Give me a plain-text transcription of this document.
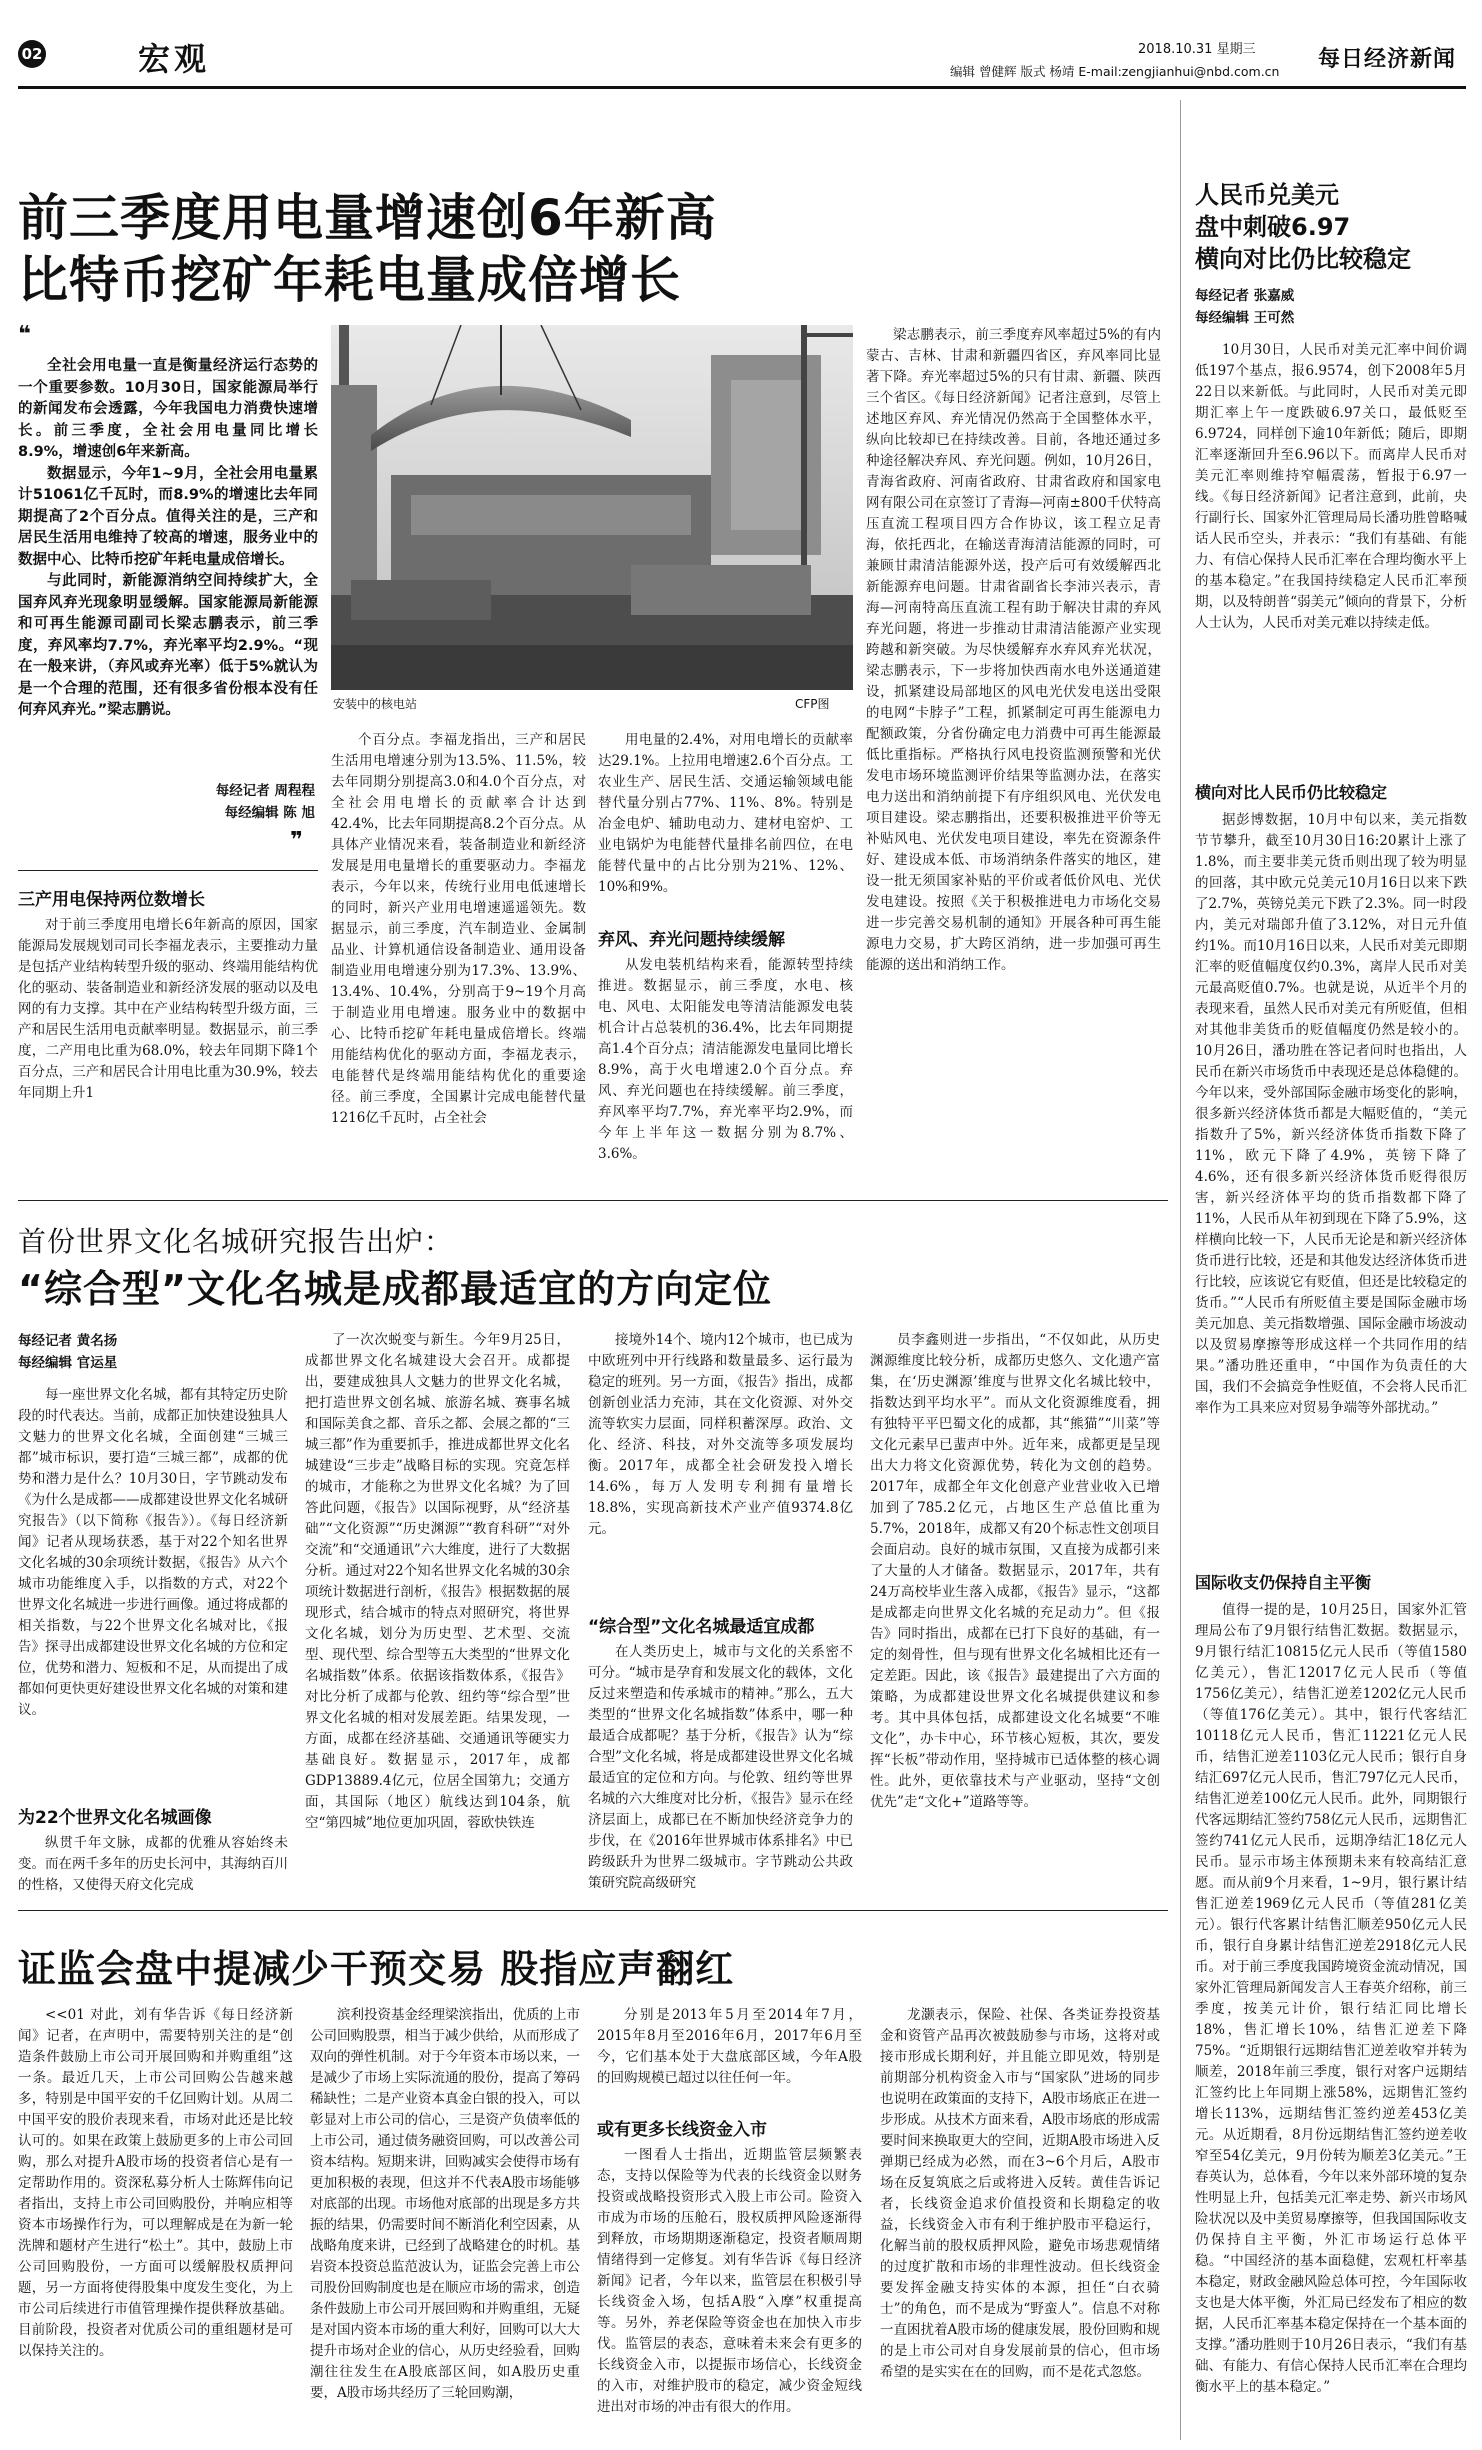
02	宏观	2018.10.31 星期三
编辑 曾健辉 版式 杨靖 E-mail:zengjianhui@nbd.com.cn 每日经济新闻
前三季度用电量增速创6年新高
比特币挖矿年耗电量成倍增长
❝

全社会用电量一直是衡量经济运行态势的一个重要参数。10月30日，国家能源局举行的新闻发布会透露，今年我国电力消费快速增长。前三季度，全社会用电量同比增长8.9%，增速创6年来新高。

数据显示，今年1~9月，全社会用电量累计51061亿千瓦时，而8.9%的增速比去年同期提高了2个百分点。值得关注的是，三产和居民生活用电维持了较高的增速，服务业中的数据中心、比特币挖矿年耗电量成倍增长。

与此同时，新能源消纳空间持续扩大，全国弃风弃光现象明显缓解。国家能源局新能源和可再生能源司副司长梁志鹏表示，前三季度，弃风率均7.7%，弃光率平均2.9%。“现在一般来讲，（弃风或弃光率）低于5%就认为是一个合理的范围，还有很多省份根本没有任何弃风弃光。”梁志鹏说。

每经记者 周程程
每经编辑 陈 旭
❞
安装中的核电站	CFP图
三产用电保持两位数增长

对于前三季度用电增长6年新高的原因，国家能源局发展规划司司长李福龙表示，主要推动力量是包括产业结构转型升级的驱动、终端用能结构优化的驱动、装备制造业和新经济发展的驱动以及电网的有力支撑。其中在产业结构转型升级方面，三产和居民生活用电贡献率明显。数据显示，前三季度，二产用电比重为68.0%，较去年同期下降1个百分点，三产和居民合计用电比重为30.9%，较去年同期上升1

个百分点。李福龙指出，三产和居民生活用电增速分别为13.5%、11.5%，较去年同期分别提高3.0和4.0个百分点，对全社会用电增长的贡献率合计达到42.4%，比去年同期提高8.2个百分点。从具体产业情况来看，装备制造业和新经济发展是用电量增长的重要驱动力。李福龙表示，今年以来，传统行业用电低速增长的同时，新兴产业用电增速遥遥领先。数据显示，前三季度，汽车制造业、金属制品业、计算机通信设备制造业、通用设备制造业用电增速分别为17.3%、13.9%、13.4%、10.4%，分别高于9~19个月高于制造业用电增速。服务业中的数据中心、比特币挖矿年耗电量成倍增长。终端用能结构优化的驱动方面，李福龙表示，电能替代是终端用能结构优化的重要途径。前三季度，全国累计完成电能替代量1216亿千瓦时，占全社会

用电量的2.4%，对用电增长的贡献率达29.1%。上拉用电增速2.6个百分点。工农业生产、居民生活、交通运输领域电能替代量分别占77%、11%、8%。特别是冶金电炉、辅助电动力、建材电窑炉、工业电锅炉为电能替代量排名前四位，在电能替代量中的占比分别为21%、12%、10%和9%。

弃风、弃光问题持续缓解

从发电装机结构来看，能源转型持续推进。数据显示，前三季度，水电、核电、风电、太阳能发电等清洁能源发电装机合计占总装机的36.4%，比去年同期提高1.4个百分点；清洁能源发电量同比增长8.9%，高于火电增速2.0个百分点。弃风、弃光问题也在持续缓解。前三季度，弃风率平均7.7%，弃光率平均2.9%，而今年上半年这一数据分别为8.7%、3.6%。

梁志鹏表示，前三季度弃风率超过5%的有内蒙古、吉林、甘肃和新疆四省区，弃风率同比显著下降。弃光率超过5%的只有甘肃、新疆、陕西三个省区。《每日经济新闻》记者注意到，尽管上述地区弃风、弃光情况仍然高于全国整体水平，纵向比较却已在持续改善。目前，各地还通过多种途径解决弃风、弃光问题。例如，10月26日，青海省政府、河南省政府、甘肃省政府和国家电网有限公司在京签订了青海—河南±800千伏特高压直流工程项目四方合作协议，该工程立足青海，依托西北，在输送青海清洁能源的同时，可兼顾甘肃清洁能源外送，投产后可有效缓解西北新能源弃电问题。甘肃省副省长李沛兴表示，青海—河南特高压直流工程有助于解决甘肃的弃风弃光问题，将进一步推动甘肃清洁能源产业实现跨越和新突破。为尽快缓解弃水弃风弃光状况，梁志鹏表示，下一步将加快西南水电外送通道建设，抓紧建设局部地区的风电光伏发电送出受限的电网“卡脖子”工程，抓紧制定可再生能源电力配额政策，分省份确定电力消费中可再生能源最低比重指标。严格执行风电投资监测预警和光伏发电市场环境监测评价结果等监测办法，在落实电力送出和消纳前提下有序组织风电、光伏发电项目建设。梁志鹏指出，还要积极推进平价等无补贴风电、光伏发电项目建设，率先在资源条件好、建设成本低、市场消纳条件落实的地区，建设一批无须国家补贴的平价或者低价风电、光伏发电建设。按照《关于积极推进电力市场化交易 进一步完善交易机制的通知》开展各种可再生能源电力交易，扩大跨区消纳，进一步加强可再生能源的送出和消纳工作。

首份世界文化名城研究报告出炉：
“综合型”文化名城是成都最适宜的方向定位
每经记者 黄名扬
每经编辑 官运星

每一座世界文化名城，都有其特定历史阶段的时代表达。当前，成都正加快建设独具人文魅力的世界文化名城，全面创建“三城三都”城市标识，要打造“三城三都”，成都的优势和潜力是什么？10月30日，字节跳动发布《为什么是成都——成都建设世界文化名城研究报告》（以下简称《报告》）。《每日经济新闻》记者从现场获悉，基于对22个知名世界文化名城的30余项统计数据，《报告》从六个城市功能维度入手，以指数的方式，对22个世界文化名城进一步进行画像。通过将成都的相关指数，与22个世界文化名城对比，《报告》探寻出成都建设世界文化名城的方位和定位，优势和潜力、短板和不足，从而提出了成都如何更快更好建设世界文化名城的对策和建议。

为22个世界文化名城画像

纵贯千年文脉，成都的优雅从容始终未变。而在两千多年的历史长河中，其海纳百川的性格，又使得天府文化完成

了一次次蜕变与新生。今年9月25日，成都世界文化名城建设大会召开。成都提出，要建成独具人文魅力的世界文化名城，把打造世界文创名城、旅游名城、赛事名城和国际美食之都、音乐之都、会展之都的“三城三都”作为重要抓手，推进成都世界文化名城建设“三步走”战略目标的实现。究竟怎样的城市，才能称之为世界文化名城？为了回答此问题，《报告》以国际视野，从“经济基础”“文化资源”“历史渊源”“教育科研”“对外交流”和“交通通讯”六大维度，进行了大数据分析。通过对22个知名世界文化名城的30余项统计数据进行剖析，《报告》根据数据的展现形式，结合城市的特点对照研究，将世界文化名城，划分为历史型、艺术型、交流型、现代型、综合型等五大类型的“世界文化名城指数”体系。依据该指数体系，《报告》对比分析了成都与伦敦、纽约等“综合型”世界文化名城的相对发展差距。结果发现，一方面，成都在经济基础、交通通讯等硬实力基础良好。数据显示，2017年，成都GDP13889.4亿元，位居全国第九；交通方面，其国际（地区）航线达到104条，航空“第四城”地位更加巩固，蓉欧快铁连

接境外14个、境内12个城市，也已成为中欧班列中开行线路和数量最多、运行最为稳定的班列。另一方面，《报告》指出，成都创新创业活力充沛，其在文化资源、对外交流等软实力层面，同样积蓄深厚。政治、文化、经济、科技，对外交流等多项发展均衡。2017年，成都全社会研发投入增长14.6%，每万人发明专利拥有量增长18.8%，实现高新技术产业产值9374.8亿元。

“综合型”文化名城最适宜成都

在人类历史上，城市与文化的关系密不可分。“城市是孕育和发展文化的载体，文化反过来塑造和传承城市的精神。”那么，五大类型的“世界文化名城指数”体系中，哪一种最适合成都呢？基于分析，《报告》认为“综合型”文化名城，将是成都建设世界文化名城最适宜的定位和方向。与伦敦、纽约等世界名城的六大维度对比分析，《报告》显示在经济层面上，成都已在不断加快经济竞争力的步伐，在《2016年世界城市体系排名》中已跨级跃升为世界二级城市。字节跳动公共政策研究院高级研究

员李鑫则进一步指出，“不仅如此，从历史渊源维度比较分析，成都历史悠久、文化遗产富集，在‘历史渊源’维度与世界文化名城比较中，指数达到平均水平”。而从文化资源维度看，拥有独特平平巴蜀文化的成都，其“熊猫”“川菜”等文化元素早已蜚声中外。近年来，成都更是呈现出大力将文化资源优势，转化为文创的趋势。2017年，成都全年文化创意产业营业收入已增加到了785.2亿元，占地区生产总值比重为5.7%，2018年，成都又有20个标志性文创项目会面启动。良好的城市氛围，又直接为成都引来了大量的人才储备。数据显示，2017年，共有24万高校毕业生落入成都，《报告》显示，“这都是成都走向世界文化名城的充足动力”。但《报告》同时指出，成都在已打下良好的基础，有一定的刻骨性，但与现有世界文化名城相比还有一定差距。因此，该《报告》最建提出了六方面的策略，为成都建设世界文化名城提供建议和参考。其中具体包括，成都建设文化名城要“不唯文化”，办卡中心，环节核心短板，其次，要发挥“长板”带动作用，坚持城市已适体整的核心调性。此外，更依靠技术与产业驱动，坚持“文创优先”走“文化+”道路等等。

证监会盘中提减少干预交易 股指应声翻红

<<01 对此，刘有华告诉《每日经济新闻》记者，在声明中，需要特别关注的是“创造条件鼓励上市公司开展回购和并购重组”这一条。最近几天，上市公司回购公告越来越多，特别是中国平安的千亿回购计划。从周二中国平安的股价表现来看，市场对此还是比较认可的。如果在政策上鼓励更多的上市公司回购，那么对提升A股市场的投资者信心是有一定帮助作用的。资深私募分析人士陈辉伟向记者指出，支持上市公司回购股份，并响应相等资本市场操作行为，可以理解成是在为新一轮洗牌和题材产生进行“松土”。其中，鼓励上市公司回购股份，一方面可以缓解股权质押问题，另一方面将使得股集中度发生变化，为上市公司后续进行市值管理操作提供释放基础。目前阶段，投资者对优质公司的重组题材是可以保持关注的。

滨利投资基金经理梁滨指出，优质的上市公司回购股票，相当于减少供给，从而形成了双向的弹性机制。对于今年资本市场以来，一是减少了市场上实际流通的股份，提高了筹码稀缺性；二是产业资本真金白银的投入，可以彰显对上市公司的信心，三是资产负债率低的上市公司，通过债务融资回购，可以改善公司资本结构。短期来讲，回购减实会使得市场有更加积极的表现，但这并不代表A股市场能够对底部的出现。市场他对底部的出现是多方共振的结果，仍需要时间不断消化利空因素，从战略角度来讲，已经到了战略建仓的时机。基岩资本投资总监范波认为，证监会完善上市公司股份回购制度也是在顺应市场的需求，创造条件鼓励上市公司开展回购和并购重组，无疑是对国内资本市场的重大利好，回购可以大大提升市场对企业的信心，从历史经验看，回购潮往往发生在A股底部区间，如A股历史重要，A股市场共经历了三轮回购潮，

分别是2013年5月至2014年7月，2015年8月至2016年6月，2017年6月至今，它们基本处于大盘底部区域，今年A股的回购规模已超过以往任何一年。

或有更多长线资金入市

一图看人士指出，近期监管层频繁表态，支持以保险等为代表的长线资金以财务投资或战略投资形式入股上市公司。险资入市成为市场的压舱石，股权质押风险逐渐得到释放，市场期期逐渐稳定，投资者顺周期情绪得到一定修复。刘有华告诉《每日经济新闻》记者，今年以来，监管层在积极引导长线资金入场，包括A股“入摩”权重提高等。另外，养老保险等资金也在加快入市步伐。监管层的表态，意味着未来会有更多的长线资金入市，以提振市场信心，长线资金的入市，对维护股市的稳定，减少资金短线进出对市场的冲击有很大的作用。

龙灏表示，保险、社保、各类证券投资基金和资管产品再次被鼓励参与市场，这将对或接市形成长期利好，并且能立即见效，特别是前期部分机构资金入市与“国家队”进场的同步也说明在政策面的支持下，A股市场底正在进一步形成。从技术方面来看，A股市场底的形成需要时间来换取更大的空间，近期A股市场进入反弹期已经成为必然，而在3~6个月后，A股市场在反复筑底之后或将进入反转。黄佳告诉记者，长线资金追求价值投资和长期稳定的收益，长线资金入市有利于维护股市平稳运行，化解当前的股权质押风险，避免市场悲观情绪的过度扩散和市场的非理性波动。但长线资金要发挥金融支持实体的本源，担任“白衣骑士”的角色，而不是成为“野蛮人”。信息不对称一直困扰着A股市场的健康发展，股份回购和规的是上市公司对自身发展前景的信心，但市场希望的是实实在在的回购，而不是花式忽悠。

人民币兑美元
盘中刺破6.97
横向对比仍比较稳定
每经记者 张嘉威
每经编辑 王可然

10月30日，人民币对美元汇率中间价调低197个基点，报6.9574，创下2008年5月22日以来新低。与此同时，人民币对美元即期汇率上午一度跌破6.97关口，最低贬至6.9724，同样创下逾10年新低；随后，即期汇率逐渐回升至6.96以下。而离岸人民币对美元汇率则维持窄幅震荡，暂报于6.97一线。《每日经济新闻》记者注意到，此前，央行副行长、国家外汇管理局局长潘功胜曾略喊话人民币空头，并表示：“我们有基础、有能力、有信心保持人民币汇率在合理均衡水平上的基本稳定。”在我国持续稳定人民币汇率预期，以及特朗普“弱美元”倾向的背景下，分析人士认为，人民币对美元难以持续走低。

横向对比人民币仍比较稳定

据彭博数据，10月中旬以来，美元指数节节攀升，截至10月30日16:20累计上涨了1.8%，而主要非美元货币则出现了较为明显的回落，其中欧元兑美元10月16日以来下跌了2.7%，英镑兑美元下跌了2.3%。同一时段内，美元对瑞郎升值了3.12%，对日元升值约1%。而10月16日以来，人民币对美元即期汇率的贬值幅度仅约0.3%，离岸人民币对美元最高贬值0.7%。也就是说，从近半个月的表现来看，虽然人民币对美元有所贬值，但相对其他非美货币的贬值幅度仍然是较小的。10月26日，潘功胜在答记者问时也指出，人民币在新兴市场货币中表现还是总体稳健的。今年以来，受外部国际金融市场变化的影响，很多新兴经济体货币都是大幅贬值的，“美元指数升了5%，新兴经济体货币指数下降了11%，欧元下降了4.9%，英镑下降了4.6%，还有很多新兴经济体货币贬得很厉害，新兴经济体平均的货币指数都下降了11%，人民币从年初到现在下降了5.9%，这样横向比较一下，人民币无论是和新兴经济体货币进行比较，还是和其他发达经济体货币进行比较，应该说它有贬值，但还是比较稳定的货币。”“人民币有所贬值主要是国际金融市场美元加息、美元指数增强、国际金融市场波动以及贸易摩擦等形成这样一个共同作用的结果。”潘功胜还重申，“中国作为负责任的大国，我们不会搞竞争性贬值，不会将人民币汇率作为工具来应对贸易争端等外部扰动。”

国际收支仍保持自主平衡

值得一提的是，10月25日，国家外汇管理局公布了9月银行结售汇数据。数据显示，9月银行结汇10815亿元人民币（等值1580亿美元），售汇12017亿元人民币（等值1756亿美元），结售汇逆差1202亿元人民币（等值176亿美元）。其中，银行代客结汇10118亿元人民币，售汇11221亿元人民币，结售汇逆差1103亿元人民币；银行自身结汇697亿元人民币，售汇797亿元人民币，结售汇逆差100亿元人民币。此外，同期银行代客远期结汇签约758亿元人民币，远期售汇签约741亿元人民币，远期净结汇18亿元人民币。显示市场主体预期未来有较高结汇意愿。而从前9个月来看，1~9月，银行累计结售汇逆差1969亿元人民币（等值281亿美元）。银行代客累计结售汇顺差950亿元人民币，银行自身累计结售汇逆差2918亿元人民币。对于前三季度我国跨境资金流动情况，国家外汇管理局新闻发言人王春英介绍称，前三季度，按美元计价，银行结汇同比增长18%，售汇增长10%，结售汇逆差下降75%。“近期银行远期结售汇逆差收窄并转为顺差，2018年前三季度，银行对客户远期结汇签约比上年同期上涨58%，远期售汇签约增长113%，远期结售汇签约逆差453亿美元。从近期看，8月份远期结售汇签约逆差收窄至54亿美元，9月份转为顺差3亿美元。”王春英认为，总体看，今年以来外部环境的复杂性明显上升，包括美元汇率走势、新兴市场风险状况以及中美贸易摩擦等，但我国国际收支仍保持自主平衡，外汇市场运行总体平稳。“中国经济的基本面稳健，宏观杠杆率基本稳定，财政金融风险总体可控，今年国际收支也是大体平衡，外汇局已经发布了相应的数据，人民币汇率基本稳定保持在一个基本面的支撑。”潘功胜则于10月26日表示，“我们有基础、有能力、有信心保持人民币汇率在合理均衡水平上的基本稳定。”
